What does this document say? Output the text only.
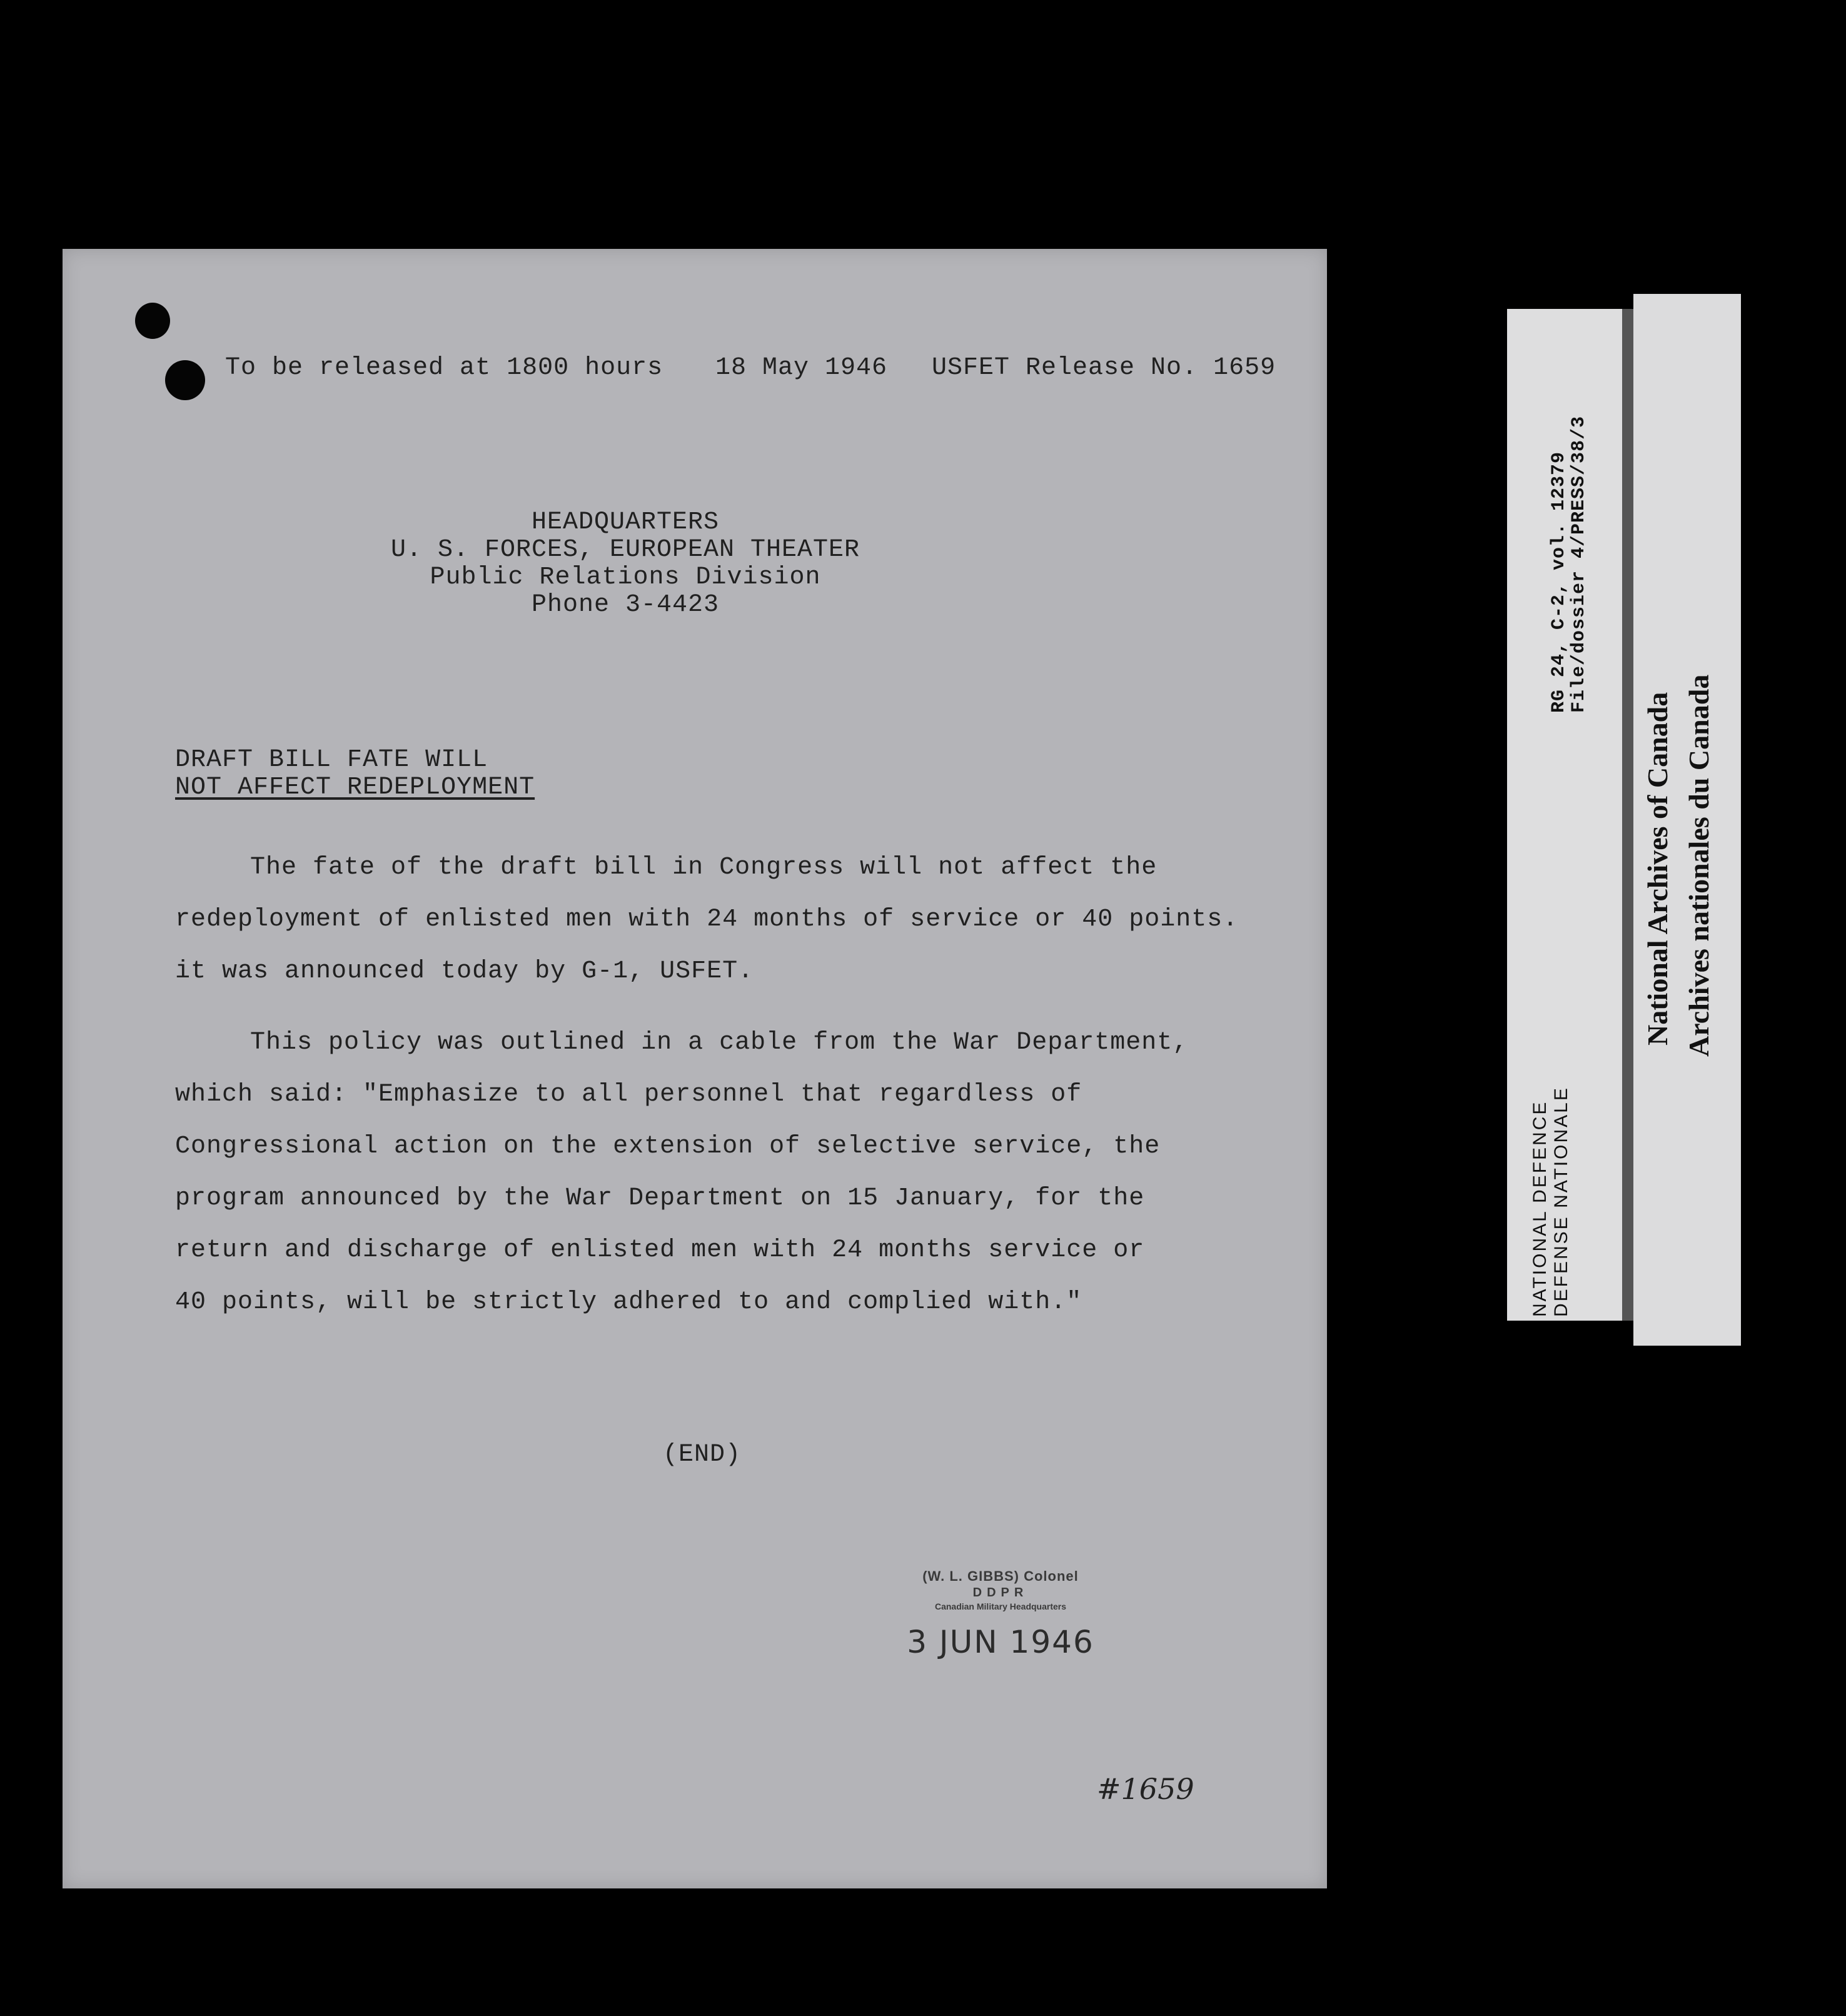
To be released at 1800 hours 18 May 1946 USFET Release No. 1659
HEADQUARTERS
U. S. FORCES, EUROPEAN THEATER
Public Relations Division
Phone 3-4423
DRAFT BILL FATE WILL
NOT AFFECT REDEPLOYMENT
The fate of the draft bill in Congress will not affect the
redeployment of enlisted men with 24 months of service or 40 points.
it was announced today by G-1, USFET.
This policy was outlined in a cable from the War Department,
which said: "Emphasize to all personnel that regardless of
Congressional action on the extension of selective service, the
program announced by the War Department on 15 January, for the
return and discharge of enlisted men with 24 months service or
40 points, will be strictly adhered to and complied with."
(END)
(W. L. GIBBS) Colonel
DDPR
Canadian Military Headquarters
3 JUN 1946
#1659
RG 24, C-2, vol. 12379
File/dossier 4/PRESS/38/3
NATIONAL DEFENCE DEFENSE NATIONALE
National Archives of Canada Archives nationales du Canada
